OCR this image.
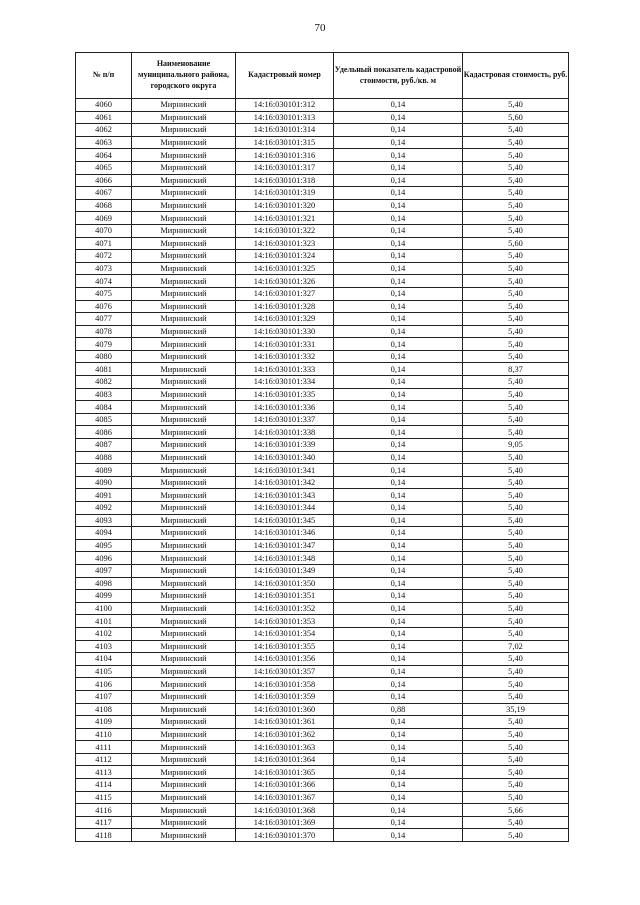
70
№ п/п	Наименование муниципального района, городского округа	Кадастровый номер	Удельный показатель кадастровой стоимости, руб./кв. м	Кадастровая стоимость, руб.
4060	Мирнинский	14:16:030101:312	0,14	5,40
4061	Мирнинский	14:16:030101:313	0,14	5,60
4062	Мирнинский	14:16:030101:314	0,14	5,40
4063	Мирнинский	14:16:030101:315	0,14	5,40
4064	Мирнинский	14:16:030101:316	0,14	5,40
4065	Мирнинский	14:16:030101:317	0,14	5,40
4066	Мирнинский	14:16:030101:318	0,14	5,40
4067	Мирнинский	14:16:030101:319	0,14	5,40
4068	Мирнинский	14:16:030101:320	0,14	5,40
4069	Мирнинский	14:16:030101:321	0,14	5,40
4070	Мирнинский	14:16:030101:322	0,14	5,40
4071	Мирнинский	14:16:030101:323	0,14	5,60
4072	Мирнинский	14:16:030101:324	0,14	5,40
4073	Мирнинский	14:16:030101:325	0,14	5,40
4074	Мирнинский	14:16:030101:326	0,14	5,40
4075	Мирнинский	14:16:030101:327	0,14	5,40
4076	Мирнинский	14:16:030101:328	0,14	5,40
4077	Мирнинский	14:16:030101:329	0,14	5,40
4078	Мирнинский	14:16:030101:330	0,14	5,40
4079	Мирнинский	14:16:030101:331	0,14	5,40
4080	Мирнинский	14:16:030101:332	0,14	5,40
4081	Мирнинский	14:16:030101:333	0,14	8,37
4082	Мирнинский	14:16:030101:334	0,14	5,40
4083	Мирнинский	14:16:030101:335	0,14	5,40
4084	Мирнинский	14:16:030101:336	0,14	5,40
4085	Мирнинский	14:16:030101:337	0,14	5,40
4086	Мирнинский	14:16:030101:338	0,14	5,40
4087	Мирнинский	14:16:030101:339	0,14	9,05
4088	Мирнинский	14:16:030101:340	0,14	5,40
4089	Мирнинский	14:16:030101:341	0,14	5,40
4090	Мирнинский	14:16:030101:342	0,14	5,40
4091	Мирнинский	14:16:030101:343	0,14	5,40
4092	Мирнинский	14:16:030101:344	0,14	5,40
4093	Мирнинский	14:16:030101:345	0,14	5,40
4094	Мирнинский	14:16:030101:346	0,14	5,40
4095	Мирнинский	14:16:030101:347	0,14	5,40
4096	Мирнинский	14:16:030101:348	0,14	5,40
4097	Мирнинский	14:16:030101:349	0,14	5,40
4098	Мирнинский	14:16:030101:350	0,14	5,40
4099	Мирнинский	14:16:030101:351	0,14	5,40
4100	Мирнинский	14:16:030101:352	0,14	5,40
4101	Мирнинский	14:16:030101:353	0,14	5,40
4102	Мирнинский	14:16:030101:354	0,14	5,40
4103	Мирнинский	14:16:030101:355	0,14	7,02
4104	Мирнинский	14:16:030101:356	0,14	5,40
4105	Мирнинский	14:16:030101:357	0,14	5,40
4106	Мирнинский	14:16:030101:358	0,14	5,40
4107	Мирнинский	14:16:030101:359	0,14	5,40
4108	Мирнинский	14:16:030101:360	0,88	35,19
4109	Мирнинский	14:16:030101:361	0,14	5,40
4110	Мирнинский	14:16:030101:362	0,14	5,40
4111	Мирнинский	14:16:030101:363	0,14	5,40
4112	Мирнинский	14:16:030101:364	0,14	5,40
4113	Мирнинский	14:16:030101:365	0,14	5,40
4114	Мирнинский	14:16:030101:366	0,14	5,40
4115	Мирнинский	14:16:030101:367	0,14	5,40
4116	Мирнинский	14:16:030101:368	0,14	5,66
4117	Мирнинский	14:16:030101:369	0,14	5,40
4118	Мирнинский	14:16:030101:370	0,14	5,40
